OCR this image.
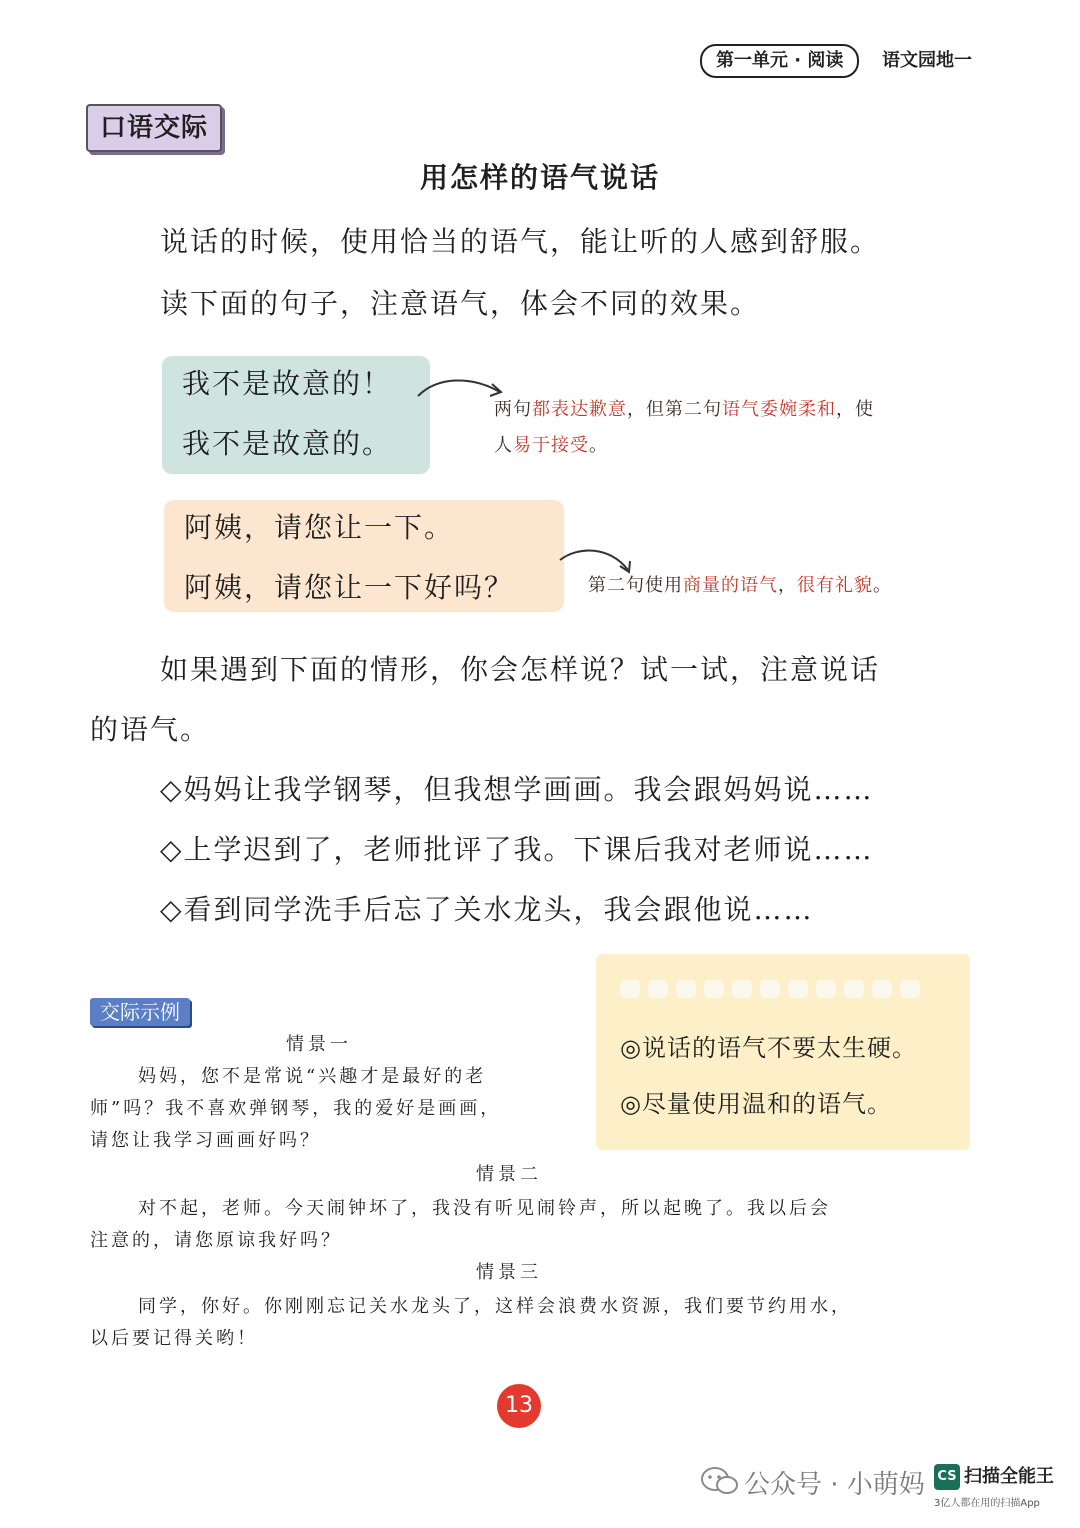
第一单元 · 阅读	语文园地一
口语交际
用怎样的语气说话
说话的时候，使用恰当的语气，能让听的人感到舒服。
读下面的句子，注意语气，体会不同的效果。
我不是故意的！
我不是故意的。
两句都表达歉意，但第二句语气委婉柔和，使
人易于接受。
阿姨，请您让一下。
阿姨，请您让一下好吗？	第二句使用商量的语气，很有礼貌。
如果遇到下面的情形，你会怎样说？试一试，注意说话
的语气。
◇妈妈让我学钢琴，但我想学画画。我会跟妈妈说……
◇上学迟到了，老师批评了我。下课后我对老师说……
◇看到同学洗手后忘了关水龙头，我会跟他说……
◎说话的语气不要太生硬。
◎尽量使用温和的语气。
交际示例
情景一
妈妈，您不是常说“兴趣才是最好的老
师”吗？我不喜欢弹钢琴，我的爱好是画画，
请您让我学习画画好吗？
情景二
对不起，老师。今天闹钟坏了，我没有听见闹铃声，所以起晚了。我以后会
注意的，请您原谅我好吗？
情景三
同学，你好。你刚刚忘记关水龙头了，这样会浪费水资源，我们要节约用水，
以后要记得关哟！
13
公众号 · 小萌妈 CS 扫描全能王
3亿人都在用的扫描App
